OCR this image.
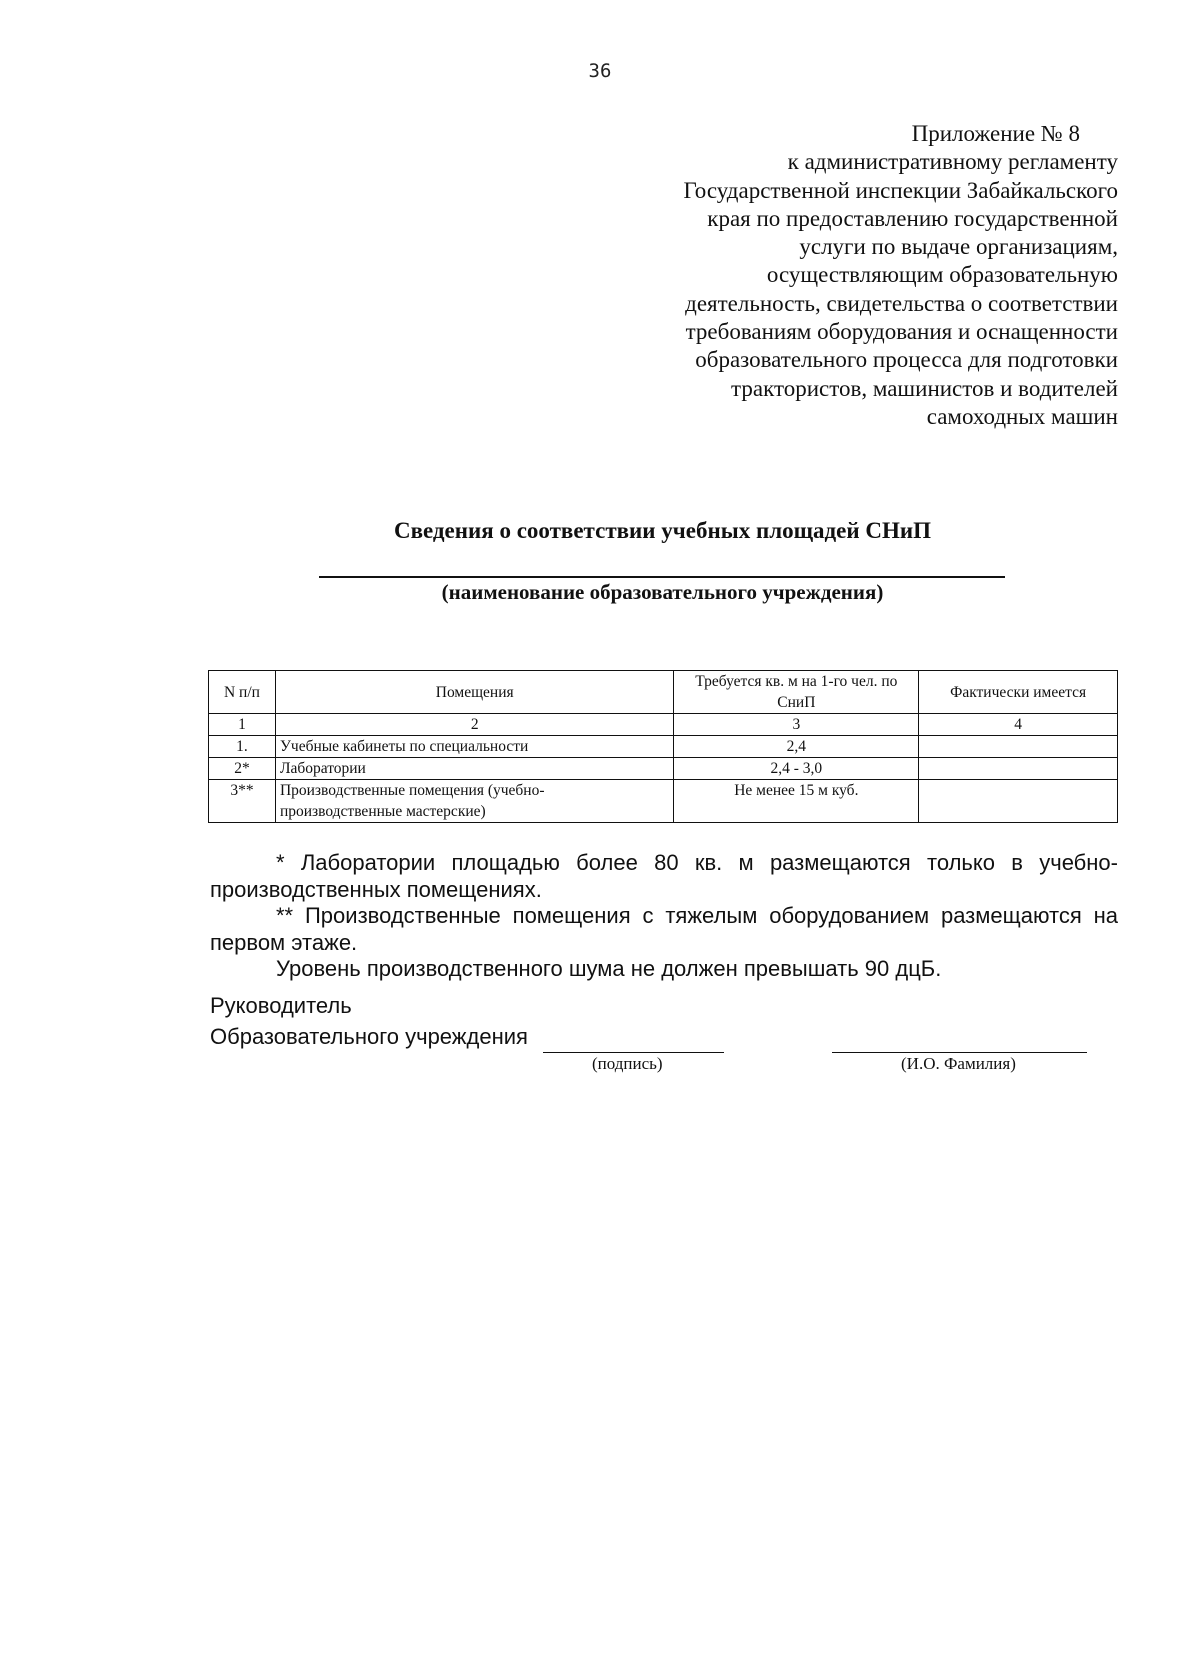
36
Приложение № 8
к административному регламенту
Государственной инспекции Забайкальского
края по предоставлению государственной
услуги по выдаче организациям,
осуществляющим образовательную
деятельность, свидетельства о соответствии
требованиям оборудования и оснащенности
образовательного процесса для подготовки
трактористов, машинистов и водителей
самоходных машин
Сведения о соответствии учебных площадей СНиП
(наименование образовательного учреждения)
N п/п	Помещения	Требуется кв. м на 1-го чел. по СниП	Фактически имеется
1	2	3	4
1.	Учебные кабинеты по специальности	2,4	
2*	Лаборатории	2,4 - 3,0	
3**	Производственные помещения (учебно-производственные мастерские)	Не менее 15 м куб.	

* Лаборатории площадью более 80 кв. м размещаются только в учебно-производственных помещениях.

** Производственные помещения с тяжелым оборудованием размещаются на первом этаже.

Уровень производственного шума не должен превышать 90 дцБ.

Руководитель
Образовательного учреждения
(подпись)	(И.О. Фамилия)
